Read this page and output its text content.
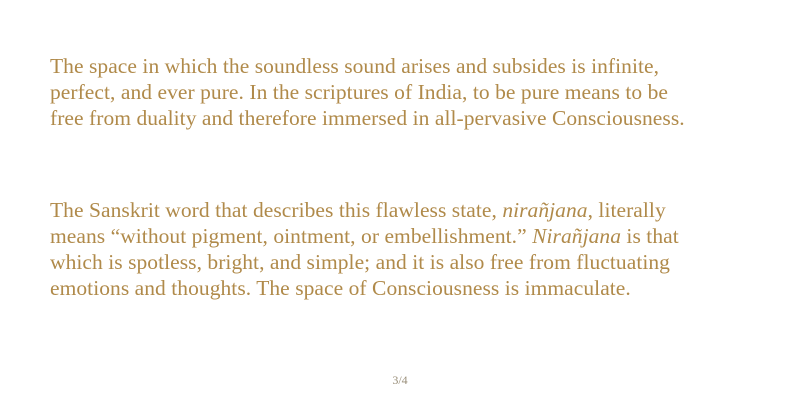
The space in which the soundless sound arises and subsides is infinite,
perfect, and ever pure. In the scriptures of India, to be pure means to be
free from duality and therefore immersed in all-pervasive Consciousness.

The Sanskrit word that describes this flawless state, nirañjana, literally
means “without pigment, ointment, or embellishment.” Nirañjana is that
which is spotless, bright, and simple; and it is also free from fluctuating
emotions and thoughts. The space of Consciousness is immaculate.

3/4
